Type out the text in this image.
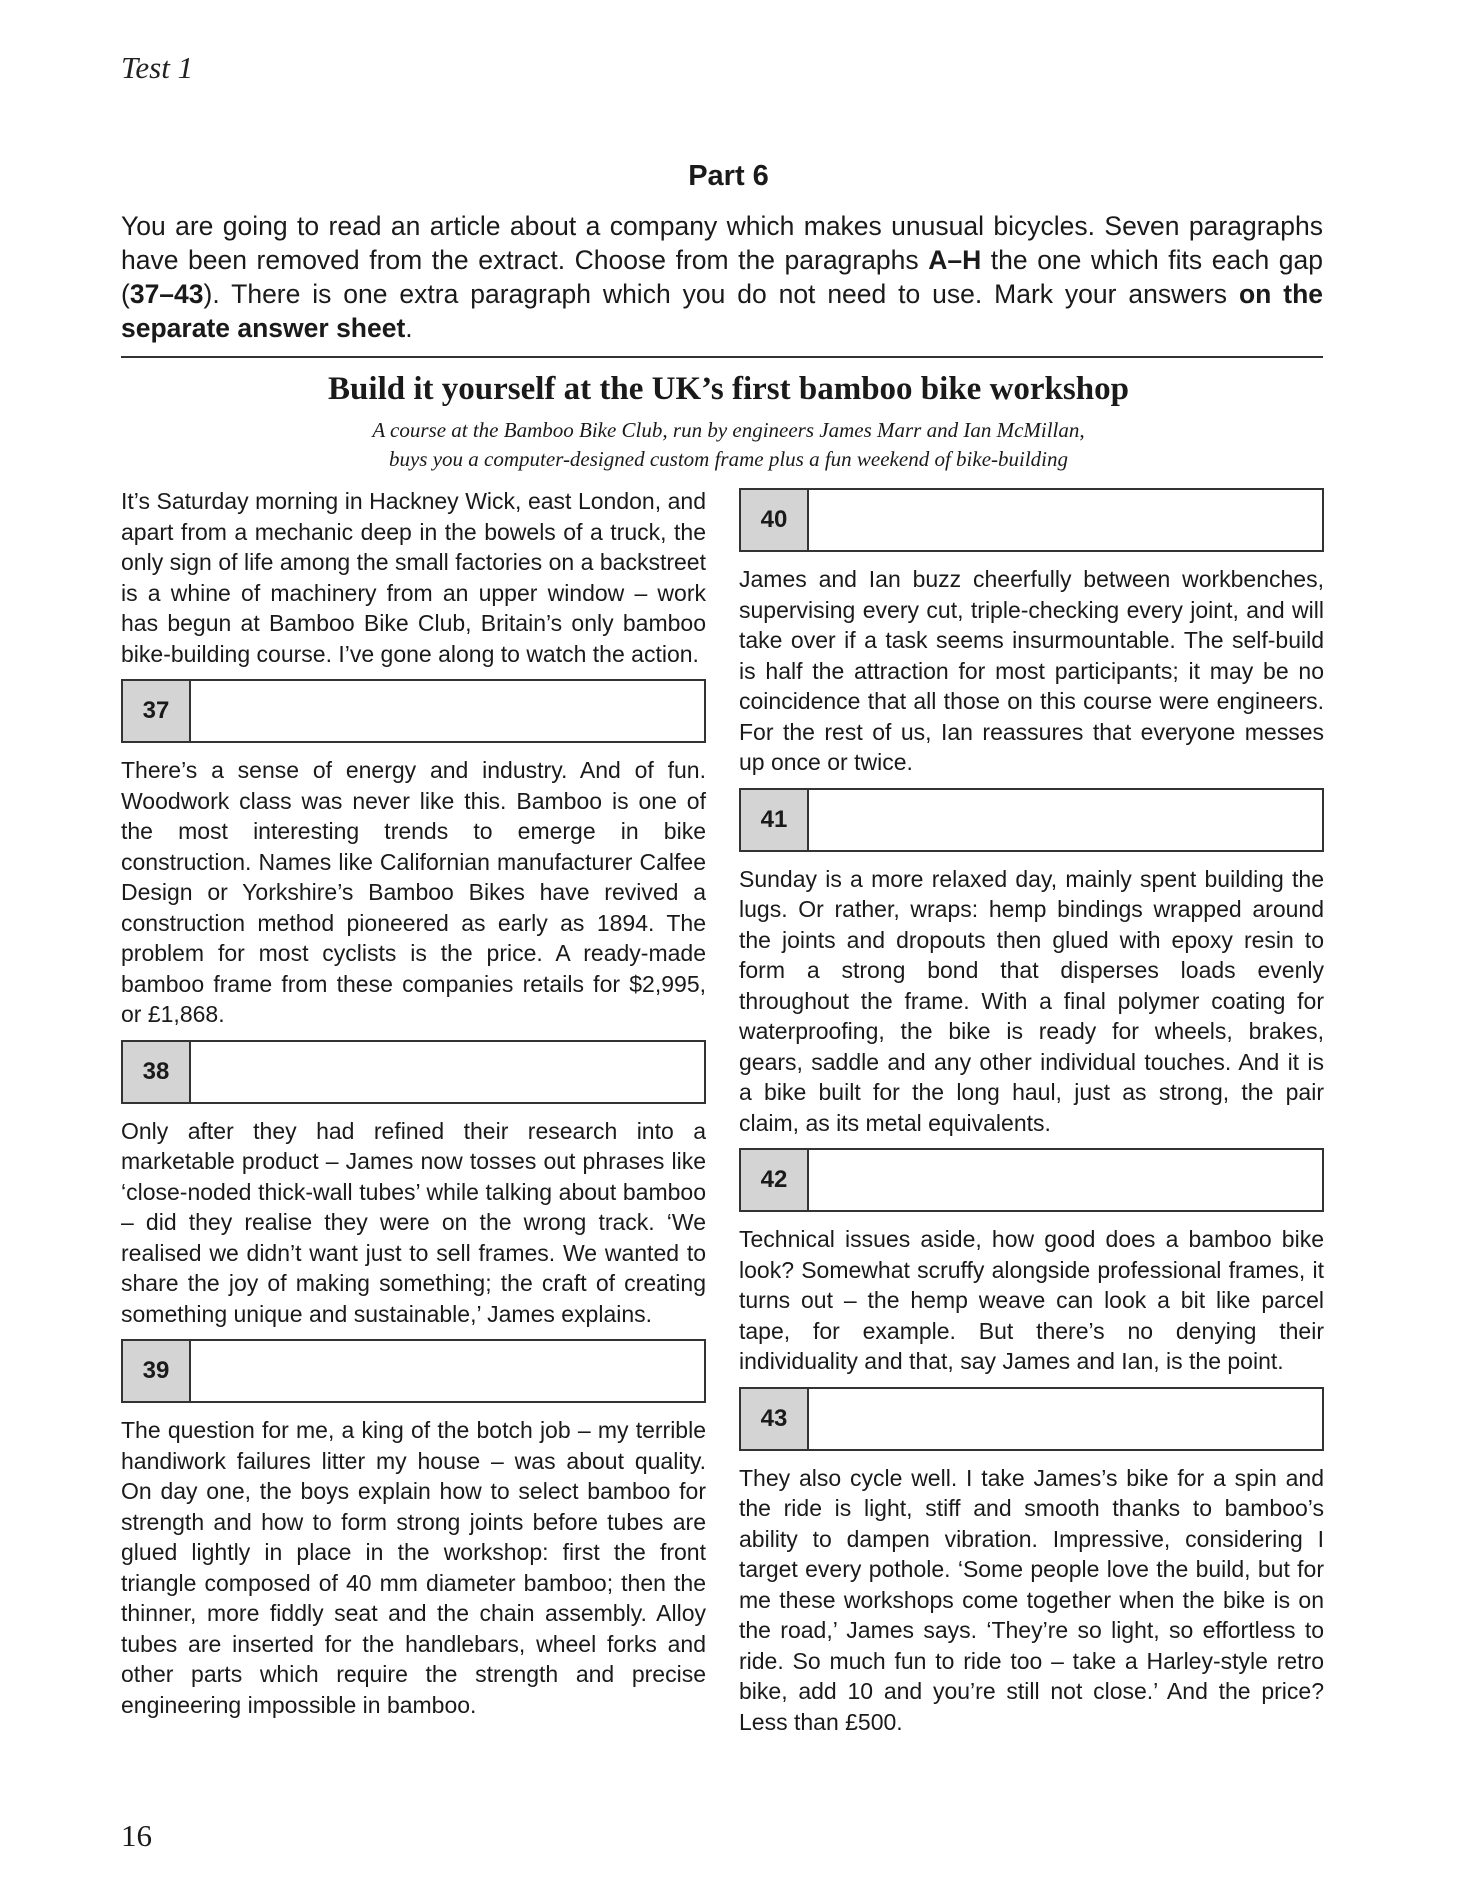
Test 1
Part 6
You are going to read an article about a company which makes unusual bicycles. Seven paragraphs have been removed from the extract. Choose from the paragraphs A–H the one which fits each gap (37–43). There is one extra paragraph which you do not need to use. Mark your answers on the separate answer sheet.
Build it yourself at the UK’s first bamboo bike workshop
A course at the Bamboo Bike Club, run by engineers James Marr and Ian McMillan,
buys you a computer-designed custom frame plus a fun weekend of bike-building

It’s Saturday morning in Hackney Wick, east London, and apart from a mechanic deep in the bowels of a truck, the only sign of life among the small factories on a backstreet is a whine of machinery from an upper window – work has begun at Bamboo Bike Club, Britain’s only bamboo bike-building course. I’ve gone along to watch the action.

37

There’s a sense of energy and industry. And of fun. Woodwork class was never like this. Bamboo is one of the most interesting trends to emerge in bike construction. Names like Californian manufacturer Calfee Design or Yorkshire’s Bamboo Bikes have revived a construction method pioneered as early as 1894. The problem for most cyclists is the price. A ready-made bamboo frame from these companies retails for $2,995, or £1,868.

38

Only after they had refined their research into a marketable product – James now tosses out phrases like ‘close-noded thick-wall tubes’ while talking about bamboo – did they realise they were on the wrong track. ‘We realised we didn’t want just to sell frames. We wanted to share the joy of making something; the craft of creating something unique and sustainable,’ James explains.

39

The question for me, a king of the botch job – my terrible handiwork failures litter my house – was about quality. On day one, the boys explain how to select bamboo for strength and how to form strong joints before tubes are glued lightly in place in the workshop: first the front triangle composed of 40 mm diameter bamboo; then the thinner, more fiddly seat and the chain assembly. Alloy tubes are inserted for the handlebars, wheel forks and other parts which require the strength and precise engineering impossible in bamboo.

40

James and Ian buzz cheerfully between workbenches, supervising every cut, triple-checking every joint, and will take over if a task seems insurmountable. The self-build is half the attraction for most participants; it may be no coincidence that all those on this course were engineers. For the rest of us, Ian reassures that everyone messes up once or twice.

41

Sunday is a more relaxed day, mainly spent building the lugs. Or rather, wraps: hemp bindings wrapped around the joints and dropouts then glued with epoxy resin to form a strong bond that disperses loads evenly throughout the frame. With a final polymer coating for waterproofing, the bike is ready for wheels, brakes, gears, saddle and any other individual touches. And it is a bike built for the long haul, just as strong, the pair claim, as its metal equivalents.

42

Technical issues aside, how good does a bamboo bike look? Somewhat scruffy alongside professional frames, it turns out – the hemp weave can look a bit like parcel tape, for example. But there’s no denying their individuality and that, say James and Ian, is the point.

43

They also cycle well. I take James’s bike for a spin and the ride is light, stiff and smooth thanks to bamboo’s ability to dampen vibration. Impressive, considering I target every pothole. ‘Some people love the build, but for me these workshops come together when the bike is on the road,’ James says. ‘They’re so light, so effortless to ride. So much fun to ride too – take a Harley-style retro bike, add 10 and you’re still not close.’ And the price? Less than £500.

16
